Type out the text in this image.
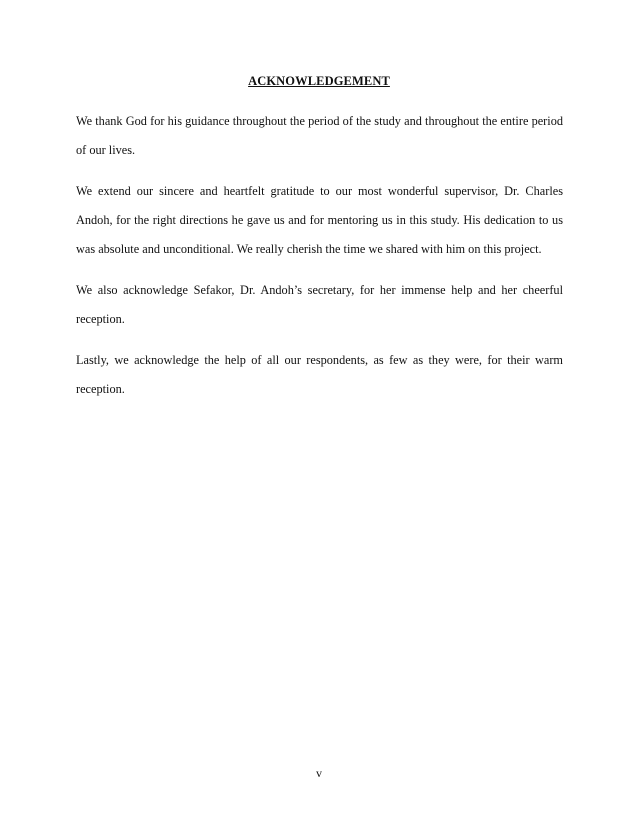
ACKNOWLEDGEMENT

We thank God for his guidance throughout the period of the study and throughout the entire period of our lives.

We extend our sincere and heartfelt gratitude to our most wonderful supervisor, Dr. Charles Andoh, for the right directions he gave us and for mentoring us in this study. His dedication to us was absolute and unconditional. We really cherish the time we shared with him on this project.

We also acknowledge Sefakor, Dr. Andoh’s secretary, for her immense help and her cheerful reception.

Lastly, we acknowledge the help of all our respondents, as few as they were, for their warm reception.

v
